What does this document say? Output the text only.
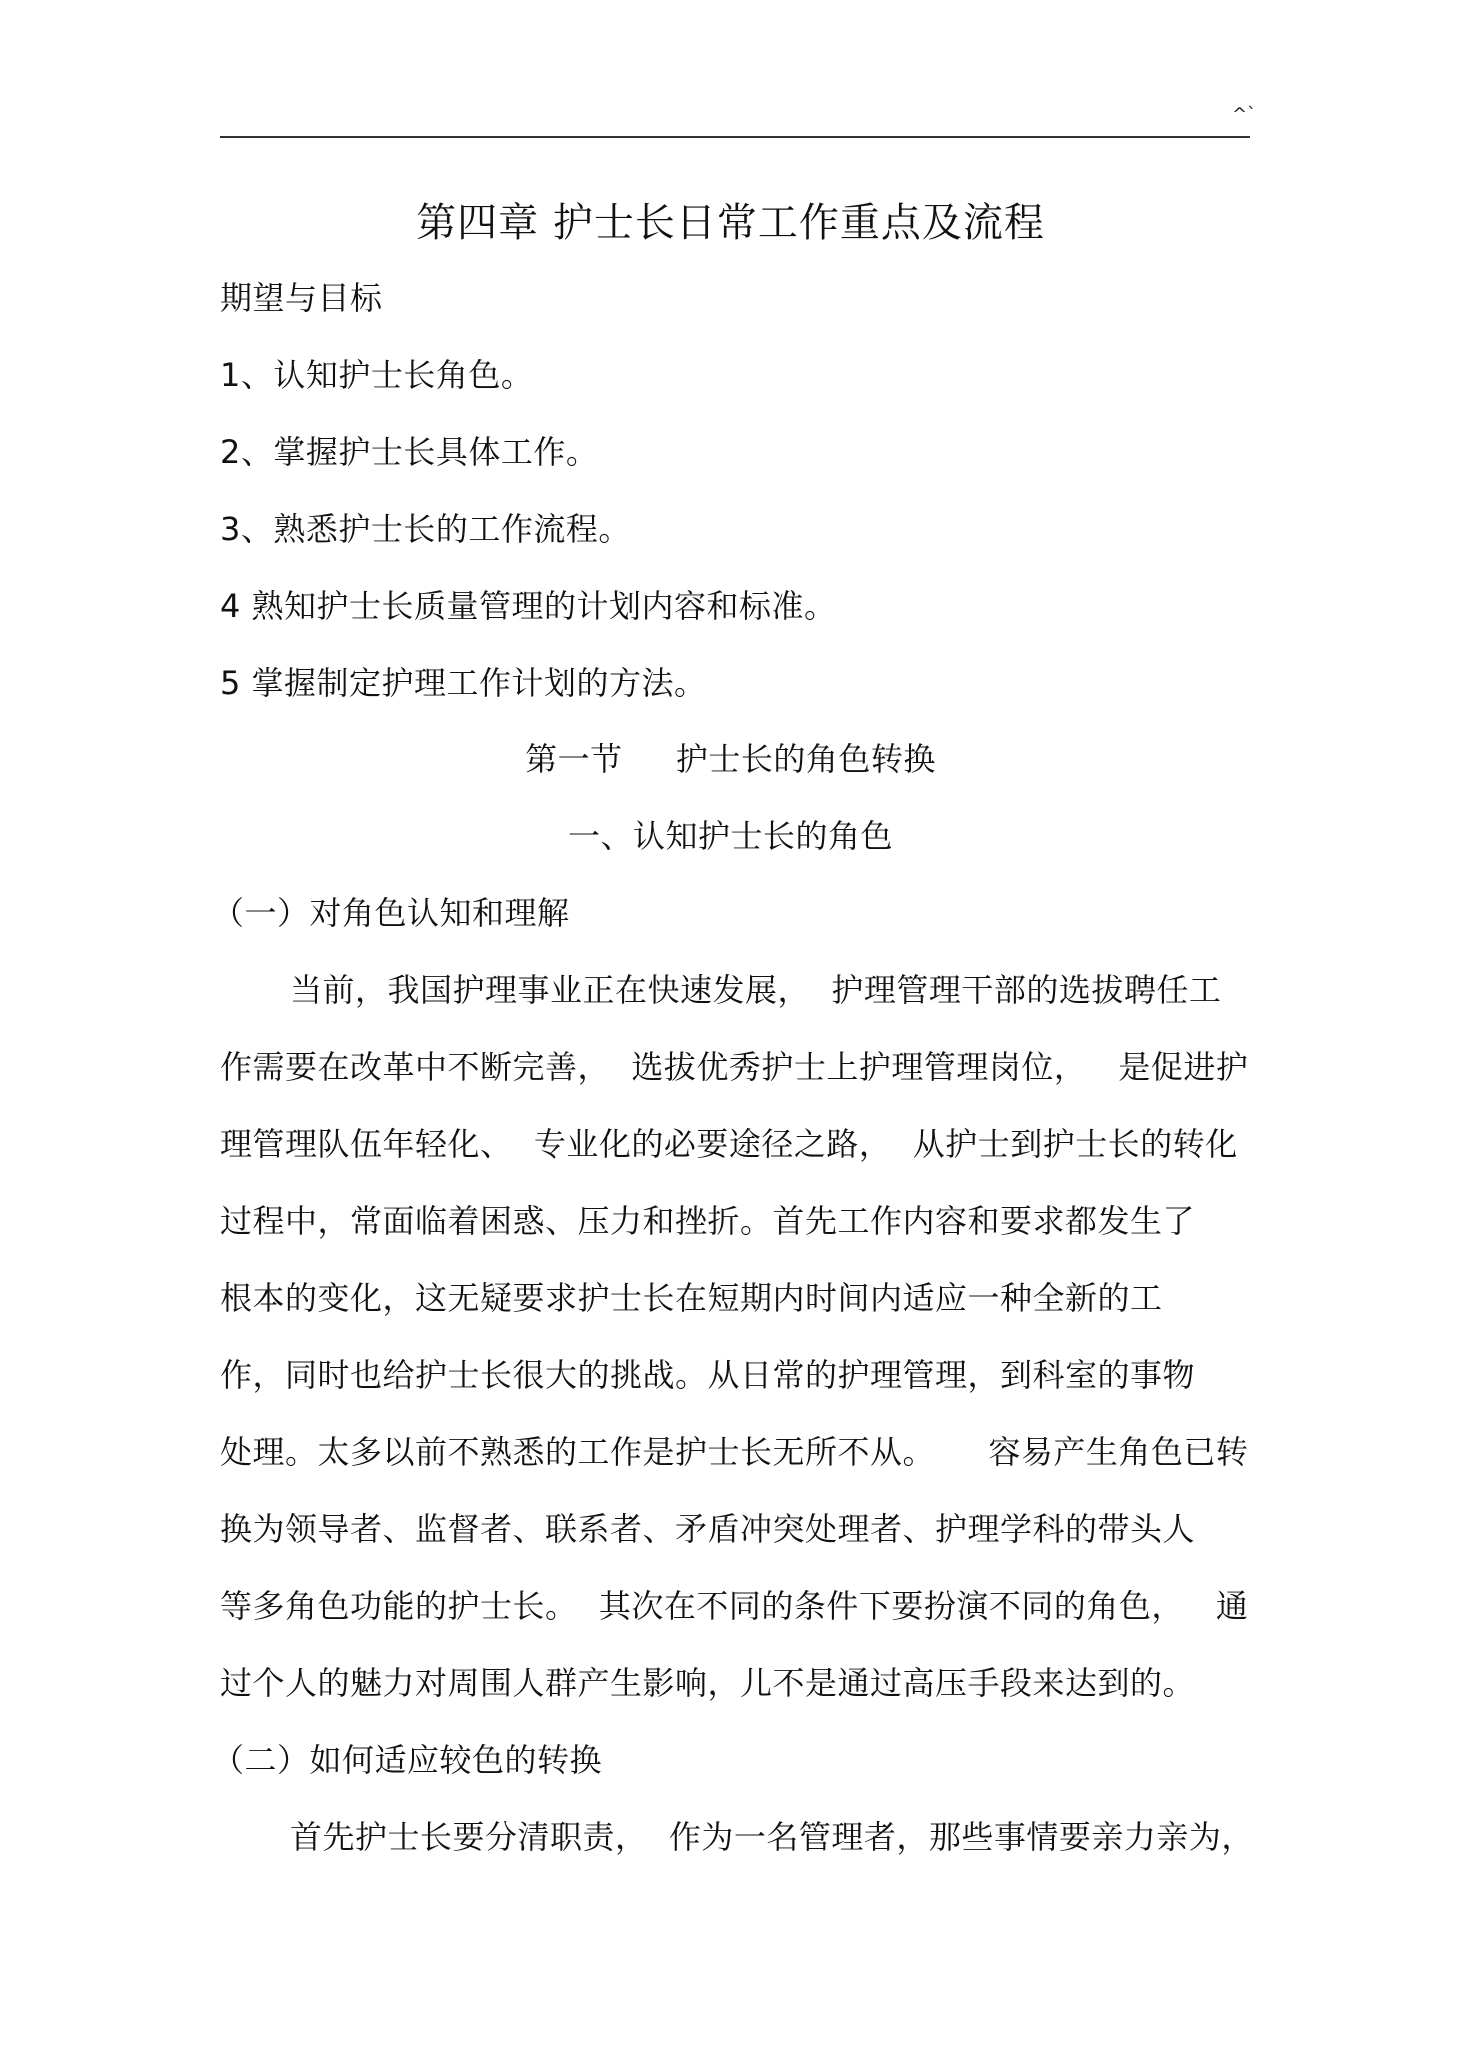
^`
第四章 护士长日常工作重点及流程
期望与目标
1、认知护士长角色。
2、掌握护士长具体工作。
3、熟悉护士长的工作流程。
4 熟知护士长质量管理的计划内容和标准。
5 掌握制定护理工作计划的方法。
第一节     护士长的角色转换
一、认知护士长的角色
（一）对角色认知和理解
当前，我国护理事业正在快速发展，  护理管理干部的选拔聘任工
作需要在改革中不断完善，  选拔优秀护士上护理管理岗位，   是促进护
理管理队伍年轻化、  专业化的必要途径之路，  从护士到护士长的转化
过程中，常面临着困惑、压力和挫折。首先工作内容和要求都发生了
根本的变化，这无疑要求护士长在短期内时间内适应一种全新的工
作，同时也给护士长很大的挑战。从日常的护理管理，到科室的事物
处理。太多以前不熟悉的工作是护士长无所不从。     容易产生角色已转
换为领导者、监督者、联系者、矛盾冲突处理者、护理学科的带头人
等多角色功能的护士长。  其次在不同的条件下要扮演不同的角色，   通
过个人的魅力对周围人群产生影响，儿不是通过高压手段来达到的。
（二）如何适应较色的转换
首先护士长要分清职责，  作为一名管理者，那些事情要亲力亲为，
